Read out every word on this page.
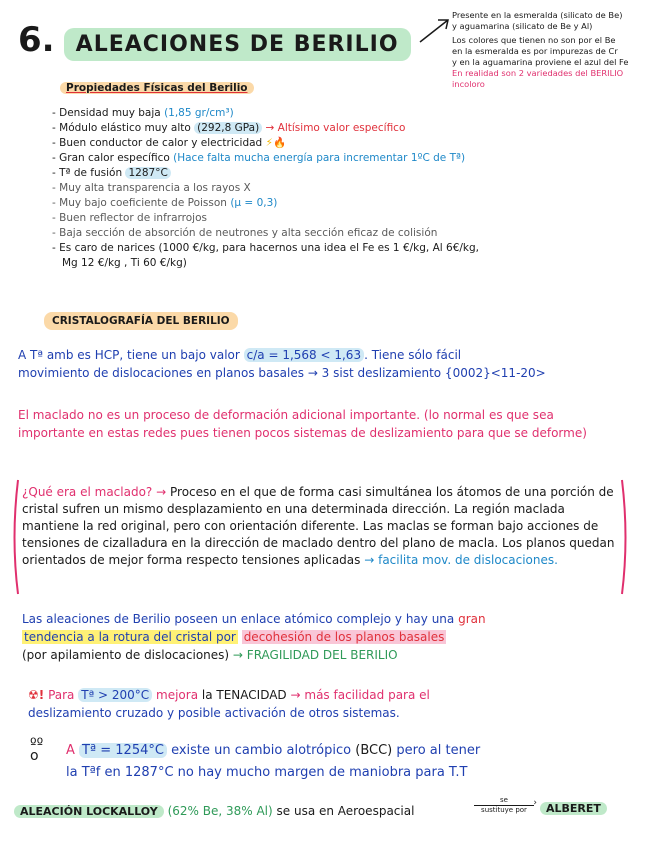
6. ALEACIONES DE BERILIO
Presente en la esmeralda (silicato de Be)
y aguamarina (silicato de Be y Al)
Los colores que tienen no son por el Be
en la esmeralda es por impurezas de Cr
y en la aguamarina proviene el azul del Fe
En realidad son 2 variedades del BERILIO
incoloro
Propiedades Físicas del Berilio
- Densidad muy baja (1,85 gr/cm³)
- Módulo elástico muy alto (292,8 GPa) → Altísimo valor específico
- Buen conductor de calor y electricidad ⚡🔥
- Gran calor específico (Hace falta mucha energía para incrementar 1ºC de Tª)
- Tª de fusión 1287°C
- Muy alta transparencia a los rayos X
- Muy bajo coeficiente de Poisson (μ = 0,3)
- Buen reflector de infrarrojos
- Baja sección de absorción de neutrones y alta sección eficaz de colisión
- Es caro de narices (1000 €/kg, para hacernos una idea el Fe es 1 €/kg, Al 6€/kg,
Mg 12 €/kg , Ti 60 €/kg)
CRISTALOGRAFÍA DEL BERILIO
A Tª amb es HCP, tiene un bajo valor c/a = 1,568 < 1,63 . Tiene sólo fácil
movimiento de dislocaciones en planos basales → 3 sist deslizamiento {0002}<11-20>
El maclado no es un proceso de deformación adicional importante. (lo normal es que sea importante en estas redes pues tienen pocos sistemas de deslizamiento para que se deforme)
¿Qué era el maclado? → Proceso en el que de forma casi simultánea los átomos de una porción de cristal sufren un mismo desplazamiento en una determinada dirección. La región maclada mantiene la red original, pero con orientación diferente. Las maclas se forman bajo acciones de tensiones de cizalladura en la dirección de maclado dentro del plano de macla. Los planos quedan orientados de mejor forma respecto tensiones aplicadas → facilita mov. de dislocaciones.
Las aleaciones de Berilio poseen un enlace atómico complejo y hay una gran
tendencia a la rotura del cristal por decohesión de los planos basales
(por apilamiento de dislocaciones) → FRAGILIDAD DEL BERILIO
☢! Para Tª > 200°C mejora la TENACIDAD → más facilidad para el
deslizamiento cruzado y posible activación de otros sistemas.
ºº
o	A Tª = 1254°C existe un cambio alotrópico (BCC) pero al tener
la Tªf en 1287°C no hay mucho margen de maniobra para T.T
ALEACIÓN LOCKALLOY (62% Be, 38% Al) se usa en Aeroespacial
se	›
sustituye por	ALBERET
